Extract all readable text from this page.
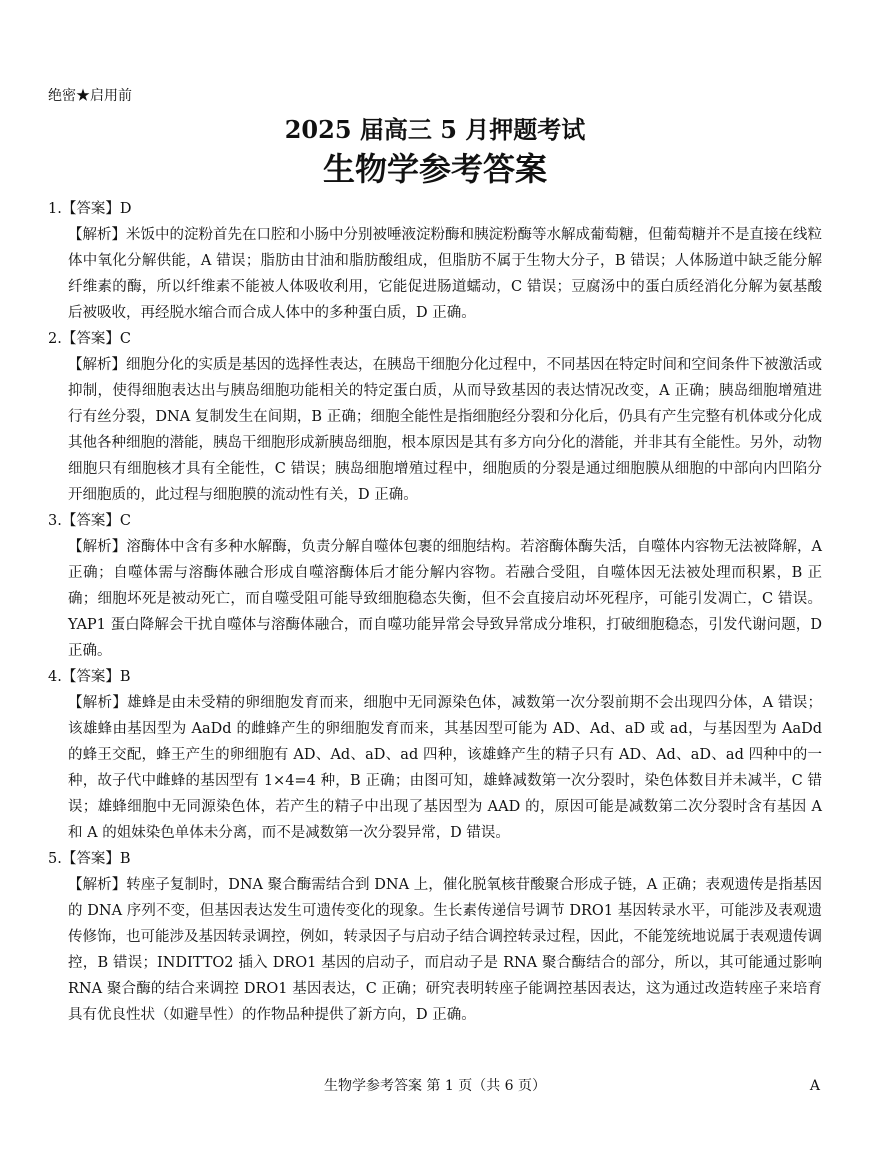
绝密★启用前
2025 届高三 5 月押题考试
生物学参考答案
1.【答案】D
【解析】米饭中的淀粉首先在口腔和小肠中分别被唾液淀粉酶和胰淀粉酶等水解成葡萄糖，但葡萄糖并不是直接在线粒体中氧化分解供能，A 错误；脂肪由甘油和脂肪酸组成，但脂肪不属于生物大分子，B 错误；人体肠道中缺乏能分解纤维素的酶，所以纤维素不能被人体吸收利用，它能促进肠道蠕动，C 错误；豆腐汤中的蛋白质经消化分解为氨基酸后被吸收，再经脱水缩合而合成人体中的多种蛋白质，D 正确。
2.【答案】C
【解析】细胞分化的实质是基因的选择性表达，在胰岛干细胞分化过程中，不同基因在特定时间和空间条件下被激活或抑制，使得细胞表达出与胰岛细胞功能相关的特定蛋白质，从而导致基因的表达情况改变，A 正确；胰岛细胞增殖进行有丝分裂，DNA 复制发生在间期，B 正确；细胞全能性是指细胞经分裂和分化后，仍具有产生完整有机体或分化成其他各种细胞的潜能，胰岛干细胞形成新胰岛细胞，根本原因是其有多方向分化的潜能，并非其有全能性。另外，动物细胞只有细胞核才具有全能性，C 错误；胰岛细胞增殖过程中，细胞质的分裂是通过细胞膜从细胞的中部向内凹陷分开细胞质的，此过程与细胞膜的流动性有关，D 正确。
3.【答案】C
【解析】溶酶体中含有多种水解酶，负责分解自噬体包裹的细胞结构。若溶酶体酶失活，自噬体内容物无法被降解，A 正确；自噬体需与溶酶体融合形成自噬溶酶体后才能分解内容物。若融合受阻，自噬体因无法被处理而积累，B 正确；细胞坏死是被动死亡，而自噬受阻可能导致细胞稳态失衡，但不会直接启动坏死程序，可能引发凋亡，C 错误。YAP1 蛋白降解会干扰自噬体与溶酶体融合，而自噬功能异常会导致异常成分堆积，打破细胞稳态，引发代谢问题，D 正确。
4.【答案】B
【解析】雄蜂是由未受精的卵细胞发育而来，细胞中无同源染色体，减数第一次分裂前期不会出现四分体，A 错误；该雄蜂由基因型为 AaDd 的雌蜂产生的卵细胞发育而来，其基因型可能为 AD、Ad、aD 或 ad，与基因型为 AaDd 的蜂王交配，蜂王产生的卵细胞有 AD、Ad、aD、ad 四种，该雄蜂产生的精子只有 AD、Ad、aD、ad 四种中的一种，故子代中雌蜂的基因型有 1×4=4 种，B 正确；由图可知，雄蜂减数第一次分裂时，染色体数目并未减半，C 错误；雄蜂细胞中无同源染色体，若产生的精子中出现了基因型为 AAD 的，原因可能是减数第二次分裂时含有基因 A 和 A 的姐妹染色单体未分离，而不是减数第一次分裂异常，D 错误。
5.【答案】B
【解析】转座子复制时，DNA 聚合酶需结合到 DNA 上，催化脱氧核苷酸聚合形成子链，A 正确；表观遗传是指基因的 DNA 序列不变，但基因表达发生可遗传变化的现象。生长素传递信号调节 DRO1 基因转录水平，可能涉及表观遗传修饰，也可能涉及基因转录调控，例如，转录因子与启动子结合调控转录过程，因此，不能笼统地说属于表观遗传调控，B 错误；INDITTO2 插入 DRO1 基因的启动子，而启动子是 RNA 聚合酶结合的部分，所以，其可能通过影响 RNA 聚合酶的结合来调控 DRO1 基因表达，C 正确；研究表明转座子能调控基因表达，这为通过改造转座子来培育具有优良性状（如避旱性）的作物品种提供了新方向，D 正确。
生物学参考答案 第 1 页（共 6 页）	A
